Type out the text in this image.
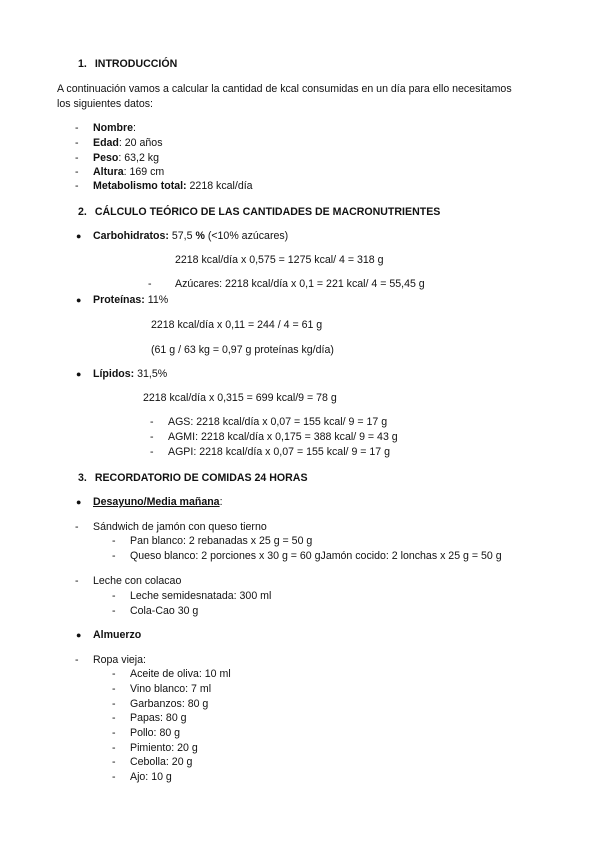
1. INTRODUCCIÓN
A continuación vamos a calcular la cantidad de kcal consumidas en un día para ello necesitamos
los siguientes datos:
- Nombre:
- Edad: 20 años
- Peso: 63,2 kg
- Altura: 169 cm
- Metabolismo total: 2218 kcal/día
2. CÁLCULO TEÓRICO DE LAS CANTIDADES DE MACRONUTRIENTES
● Carbohidratos: 57,5 % (<10% azúcares)
2218 kcal/día x 0,575 = 1275 kcal/ 4 = 318 g
- Azúcares: 2218 kcal/día x 0,1 = 221 kcal/ 4 = 55,45 g
● Proteínas: 11%
2218 kcal/día x 0,11 = 244 / 4 = 61 g
(61 g / 63 kg = 0,97 g proteínas kg/día)
● Lípidos: 31,5%
2218 kcal/día x 0,315 = 699 kcal/9 = 78 g
- AGS: 2218 kcal/día x 0,07 = 155 kcal/ 9 = 17 g
- AGMI: 2218 kcal/día x 0,175 = 388 kcal/ 9 = 43 g
- AGPI: 2218 kcal/día x 0,07 = 155 kcal/ 9 = 17 g
3. RECORDATORIO DE COMIDAS 24 HORAS
● Desayuno/Media mañana:
- Sándwich de jamón con queso tierno
- Pan blanco: 2 rebanadas x 25 g = 50 g
- Queso blanco: 2 porciones x 30 g = 60 gJamón cocido: 2 lonchas x 25 g = 50 g
- Leche con colacao
- Leche semidesnatada: 300 ml
- Cola-Cao 30 g
● Almuerzo
- Ropa vieja:
- Aceite de oliva: 10 ml
- Vino blanco: 7 ml
- Garbanzos: 80 g
- Papas: 80 g
- Pollo: 80 g
- Pimiento: 20 g
- Cebolla: 20 g
- Ajo: 10 g
